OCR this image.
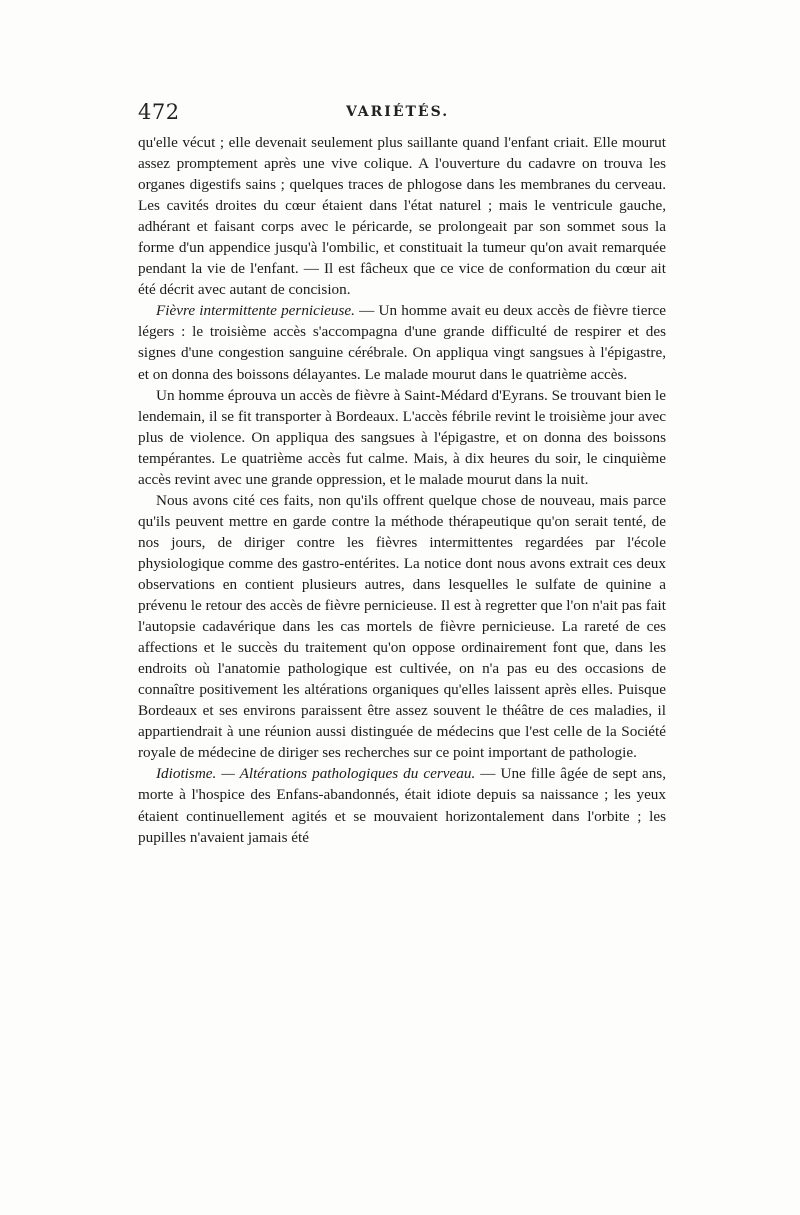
472	VARIÉTÉS.

qu'elle vécut ; elle devenait seulement plus saillante quand l'enfant criait. Elle mourut assez promptement après une vive colique. A l'ouverture du cadavre on trouva les organes digestifs sains ; quelques traces de phlogose dans les membranes du cerveau. Les cavités droites du cœur étaient dans l'état naturel ; mais le ventricule gauche, adhérant et faisant corps avec le péricarde, se prolongeait par son sommet sous la forme d'un appendice jusqu'à l'ombilic, et constituait la tumeur qu'on avait remarquée pendant la vie de l'enfant. — Il est fâcheux que ce vice de conformation du cœur ait été décrit avec autant de concision.

Fièvre intermittente pernicieuse. — Un homme avait eu deux accès de fièvre tierce légers : le troisième accès s'accompagna d'une grande difficulté de respirer et des signes d'une congestion sanguine cérébrale. On appliqua vingt sangsues à l'épigastre, et on donna des boissons délayantes. Le malade mourut dans le quatrième accès.

Un homme éprouva un accès de fièvre à Saint-Médard d'Eyrans. Se trouvant bien le lendemain, il se fit transporter à Bordeaux. L'accès fébrile revint le troisième jour avec plus de violence. On appliqua des sangsues à l'épigastre, et on donna des boissons tempérantes. Le quatrième accès fut calme. Mais, à dix heures du soir, le cinquième accès revint avec une grande oppression, et le malade mourut dans la nuit.

Nous avons cité ces faits, non qu'ils offrent quelque chose de nouveau, mais parce qu'ils peuvent mettre en garde contre la méthode thérapeutique qu'on serait tenté, de nos jours, de diriger contre les fièvres intermittentes regardées par l'école physiologique comme des gastro-entérites. La notice dont nous avons extrait ces deux observations en contient plusieurs autres, dans lesquelles le sulfate de quinine a prévenu le retour des accès de fièvre pernicieuse. Il est à regretter que l'on n'ait pas fait l'autopsie cadavérique dans les cas mortels de fièvre pernicieuse. La rareté de ces affections et le succès du traitement qu'on oppose ordinairement font que, dans les endroits où l'anatomie pathologique est cultivée, on n'a pas eu des occasions de connaître positivement les altérations organiques qu'elles laissent après elles. Puisque Bordeaux et ses environs paraissent être assez souvent le théâtre de ces maladies, il appartiendrait à une réunion aussi distinguée de médecins que l'est celle de la Société royale de médecine de diriger ses recherches sur ce point important de pathologie.

Idiotisme. — Altérations pathologiques du cerveau. — Une fille âgée de sept ans, morte à l'hospice des Enfans-abandonnés, était idiote depuis sa naissance ; les yeux étaient continuellement agités et se mouvaient horizontalement dans l'orbite ; les pupilles n'avaient jamais été
